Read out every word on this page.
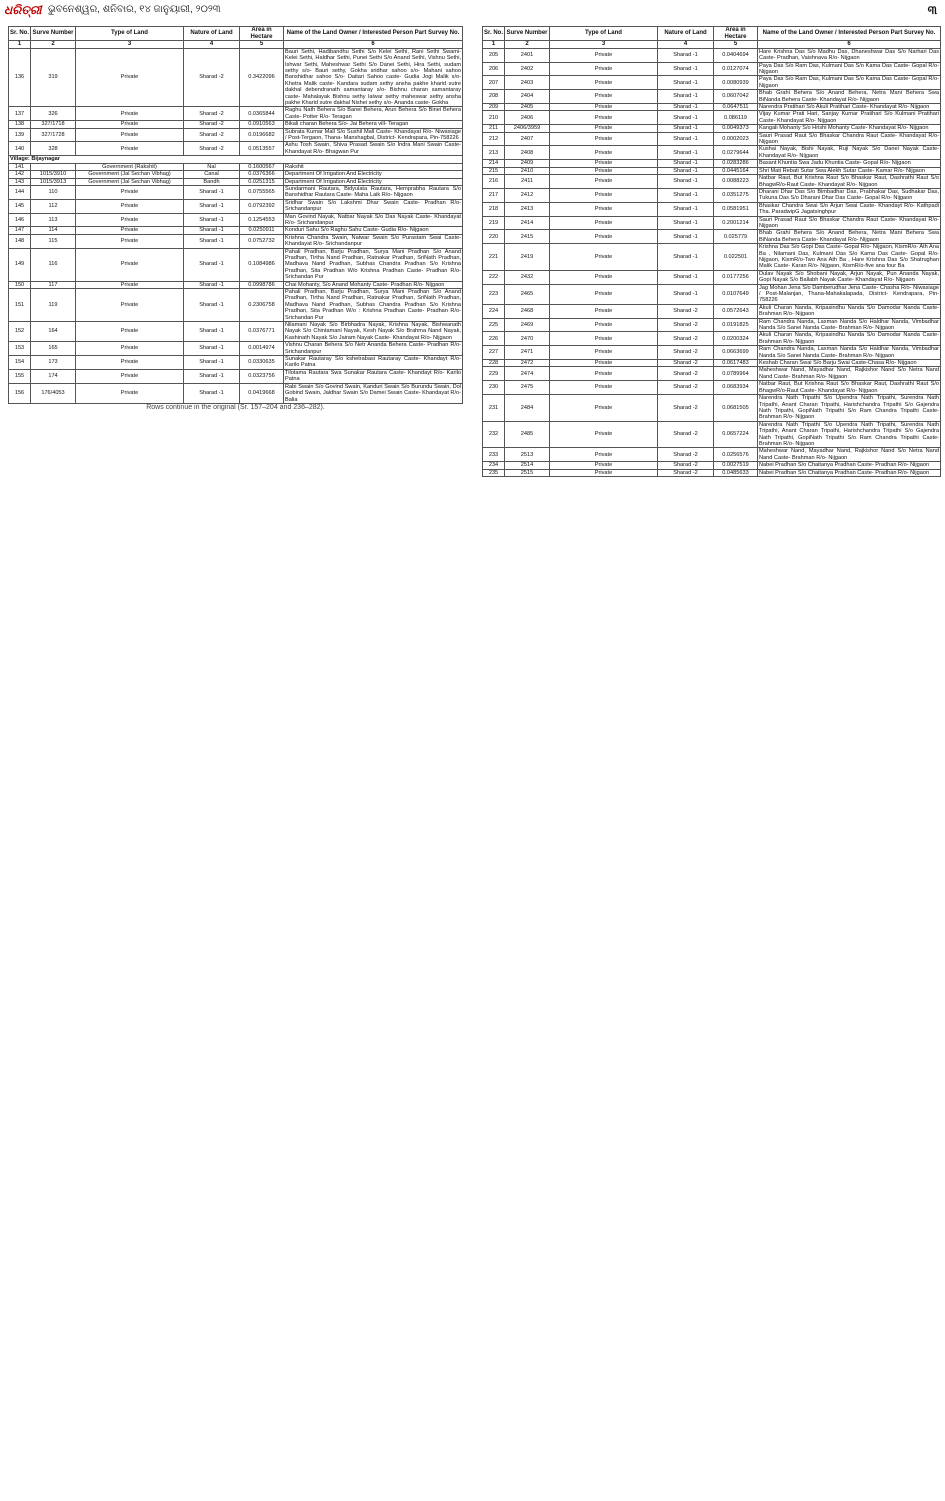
ଧରିତ୍ରୀ ଭୁବନେଶ୍ୱର, ଶନିବାର, ୧୪ ଜାନୁୟାରୀ, ୨୦୨୩	୩
Sr. No.	Surve Number	Type of Land	Nature of Land	Area in Hectare	Name of the Land Owner / Interested Person Part Survey No.
1	2	3	4	5	6
136	319	Private	Sharad -2	0.3422096	Bauri Sethi, Hadibandhu Sethi S/o Kelei Sethi, Rani Sethi Swami- Kelei Sethi, Haldhar Sethi, Punei Sethi S/o Anand Sethi, Vishnu Sethi, Ishwar Sethi, Maheshwar Sethi S/o Danei Sethi, Hira Sethi, sudam sethy s/o- Bauri sethy, Gokha sridhar sahoo s/o- Mahani sahoo Banshidhar sahoo S/o- Daitari Sahoo caste- Gudia Jogi Malik s/o- Khetra Malik caste- Kandara sudam sethy ansha pakhe kharid sutre dakhal debendranath samantaray s/o- Bishnu charan samantaray caste- Mahalayak Bishnu sethy lalwar sethy maheswar sethy ansha pakhe Kharid sutre dakhal Nishei sethy s/o- Ananda caste- Gokha
137	326	Private	Sharad -2	0.0365844	Raghu Nath Behera S/o Banei Behera, Arun Behera S/o Binei Behera Caste- Potter R/o- Teragan
138	327/1718	Private	Sharad -2	0.0910563	Bikali charan Behera S/o- Jai Behera vill- Teragan
139	327/1728	Private	Sharad -2	0.0196682	Subrata Kumar Mall S/o Sushil Mall Caste- Khandayat R/o- Niwasiage / Post-Tergaon, Thana- Manshagbal, District- Kendrapara, Pin-758226
140	328	Private	Sharad -2	0.0513557	Ashu Tosh Swain, Shiva Prasad Swain S/o Indra Mani Swain Caste- Khandayat R/o- Bhagwan Pur
Village: Bijaynagar					
141		Government (Rakshit)	Nal	0.1600567	Rakshit
142	1015/3910	Government (Jal Sechan Vibhag)	Canal	0.0376366	Department Of Irrigation And Electricity
143	1015/3913	Government (Jal Sechan Vibhag)	Bandh	0.0251315	Department Of Irrigation And Electricity
144	110	Private	Sharad -1	0.0755565	Sundarmani Rautara, Bidyulata Rautara, Hemprabha Rautara S/o Banshidhar Rautara Caste- Maha Laik R/o- Nijgaon
145	112	Private	Sharad -1	0.0792392	Sridhar Swain S/o Lakshmi Dhar Swain Caste- Pradhan R/o- Srichandanpur
146	113	Private	Sharad -1	0.1254553	Man Govind Nayak, Natbar Nayak S/o Das Nayak Caste- Khandayat R/o- Srichandanpur
147	114	Private	Sharad -1	0.0250911	Konduri Sahu S/o Raghu Sahu Caste- Gudia R/o- Nijgaon
148	115	Private	Sharad -1	0.0752732	Krishna Chandra Swain, Natwar Swain S/o Purastam Swai Caste- Khandayat R/o- Srichandanpur
149	116	Private	Sharad -1	0.1084986	Pahali Pradhan, Barju Pradhan, Surya Mani Pradhan S/o Anand Pradhan, Tirtha Nand Pradhan, Ratnakar Pradhan, SriNath Pradhan, Madhava Nand Pradhan, Subhas Chandra Pradhan S/o Krishna Pradhan, Sita Pradhan W/o Krishna Pradhan Caste- Pradhan R/o- Srichandan Pur
150	117	Private	Sharad -1	0.0998786	Chai Mohanty, S/o Anand Mohanty Caste- Pradhan R/o- Nijgaon
151	119	Private	Sharad -1	0.2306758	Pahali Pradhan, Barju Pradhan, Surya Mani Pradhan S/o Anand Pradhan, Tirtha Nand Pradhan, Ratnakar Pradhan, SriNath Pradhan, Madhava Nand Pradhan, Subhas Chandra Pradhan S/o Krishna Pradhan, Sita Pradhan W/o : Krishna Pradhan Caste- Pradhan R/o- Srichandan Pur
152	164	Private	Sharad -1	0.0376771	Nilamani Nayak S/o Birbhadra Nayak, Krishna Nayak, Bishwanath Nayak S/o Chintamani Nayak, Kesh Nayak S/o Brahma Nand Nayak, Kashinath Nayak S/o Jairam Nayak Caste- Khandayat R/o- Nijgaon
153	165	Private	Sharad -1	0.0014974	Vishnu Charan Behera S/o Netr Ananda Behera Caste- Pradhan R/o- Srichandanpur
154	173	Private	Sharad -1	0.0330635	Sunakar Rautaray S/o kshetrabasi Rautaray Caste- Khandayt R/o- Karilo Patna
155	174	Private	Sharad -1	0.0323756	Tilotama Rautara Swa Sunakar Rautara Caste- Khandayt R/o- Karilo Patna
156	176/4053	Private	Sharad -1	0.0419668	Rabi Swain S/o Govind Swain, Kanduri Swain S/o Burundu Swain, Dol Gobind Swain, Jaldhar Swain S/o Damei Swain Caste- Khandayat R/o- Balia
Rows continue in the original (Sr. 157–204 and 236–282).
Sr. No.	Surve Number	Type of Land	Nature of Land	Area in Hectare	Name of the Land Owner / Interested Person Part Survey No.
1	2	3	4	5	6
205	2401	Private	Sharad -1	0.0404694	Hare Krishna Das S/o Madhu Das, Dhaneshwar Das S/o Narhari Das Caste- Pradhan, Vaishnava R/o- Nijgaon
206	2402	Private	Sharad -1	0.0127074	Paya Das S/o Ram Das, Kulmani Das S/o Kama Das Caste- Gopal R/o- Nijgaon
207	2403	Private	Sharad -1	0.0080939	Paya Das S/o Ram Das, Kulmani Das S/o Kama Das Caste- Gopal R/o- Nijgaon
208	2404	Private	Sharad -1	0.0607042	Bhab Grahi Behera S/o Anand Behera, Netra Mani Behera Swa BiNanda Behera Caste- Khandayat R/o- Nijgaon
209	2405	Private	Sharad -1	0.0647511	Narendra Pratihari S/o Akuli Pratihari Caste- Khandayat R/o- Nijgaon
210	2406	Private	Sharad -1	0.086119	Vijay Kumar Prati Hari, Sanjay Kumar Pratihari S/o Kulmani Pratihari Caste- Khandayat R/o- Nijgaon
211	2406/3959	Private	Sharad -1	0.0049373	Kangali Mohanty S/o Hrishi Mohanty Caste- Khandayat R/o- Nijgaon
212	2407	Private	Sharad -1	0.0002023	Sauri Prasad Raut S/o Bhaskar Chandra Raut Caste- Khandayat R/o- Nijgaon
213	2408	Private	Sharad -1	0.0279644	Kushai Nayak, Bishi Nayak, Ruji Nayak S/o Danei Nayak Caste- Khandayat R/o- Nijgaon
214	2409	Private	Sharad -1	0.0283286	Basant Khuntia Swa Jadu Khuntia Caste- Gopal R/o- Nijgaon
215	2410	Private	Sharad -1	0.0445164	Shri Mati Rebati Sutar Swa Alekh Sutar Caste- Kamar R/o- Nijgaon
216	2411	Private	Sharad -1	0.0088223	Natbar Raut, But Krishna Raut S/o Bhaskar Raut, Dashrathi Raut S/o BhagwR/o-Raut Caste- Khandayat R/o- Nijgaon
217	2412	Private	Sharad -1	0.0351275	Dharani Dhar Das S/o Bimbadhar Das, Prabhakar Das, Sudhakar Das, Tukuna Das S/o Dharani Dhar Das Caste- Gopal R/o- Nijgaon
218	2413	Private	Sharad -1	0.0581951	Bhaskar Chandra Swai S/o Arjun Swai Caste- Khandayt R/o- Kathpadi Tha. ParadwipG Jagatsinghpur
219	2414	Private	Sharad -1	0.2001214	Sauri Prasad Raut S/o Bhaskar Chandra Raut Caste- Khandayat R/o- Nijgaon
220	2415	Private	Sharad -1	0.025779	Bhab Grahi Behera S/o Anand Behera, Netra Mani Behera Swa BiNanda Behera Caste- Khandayat R/o- Nijgaon
221	2419	Private	Sharad -1	0.022501	Krishna Das S/o Gopi Das Caste- Gopal R/o- Nijgaon, KismR/o- Ath Ana Ba , Nilamani Das, Kulmani Das S/o Kama Das Caste- Gopal R/o- Nijgaon, KismR/o-Two Ana Ath Ba , Hare Krishna Das S/o Shatrughan Malik Caste- Karan R/o- Nijgaon, KismR/o-five ana four Ba
222	2432	Private	Sharad -1	0.0177256	Dulav Nayak S/o Shobani Nayak, Arjun Nayak, Pun Ananda Nayak, Gopi Nayak S/o Ballabh Nayak Caste- Khandayat R/o- Nijgaon
223	2465	Private	Sharad -1	0.0107649	Jag Mohan Jena S/o Damberudhar Jena Caste- Chasha R/o- Niwasiage / Post-Malanjan, Thana-Mahakalapada, District- Kendrapara, Pin-758226
224	2468	Private	Sharad -2	0.0572643	Akuli Charan Nanda, Kripasindhu Nanda S/o Damodar Nanda Caste- Brahman R/o- Nijgaon
225	2469	Private	Sharad -2	0.0191825	Ram Chandra Nanda, Laxman Nanda S/o Haldhar Nanda, Vimbadhar Nanda S/o Sanei Nanda Caste- Brahman R/o- Nijgaon
226	2470	Private	Sharad -2	0.0200324	Akuli Charan Nanda, Kripasindhu Nanda S/o Damodar Nanda Caste- Brahman R/o- Nijgaon
227	2471	Private	Sharad -2	0.0663699	Ram Chandra Nanda, Laxman Nanda S/o Haldhar Nanda, Vimbadhar Nanda S/o Sanei Nanda Caste- Brahman R/o- Nijgaon
228	2472	Private	Sharad -2	0.0617483	Keshab Charan Swai S/o Barju Swai Caste-Chasa R/o- Nijgaon
229	2474	Private	Sharad -2	0.0789964	Maheshwar Nand, Mayadhar Nand, Rajkishor Nand S/o Netra Nand Nand Caste- Brahman R/o- Nijgaon
230	2475	Private	Sharad -2	0.0683934	Natbar Raut, But Krishna Raut S/o Bhaskar Raut, Dashrathi Raut S/o BhagwR/o-Raut Caste- Khandayat R/o- Nijgaon
231	2484	Private	Sharad -2	0.0681505	Narendra Nath Tripathi S/o Upendra Nath Tripathi, Surendra Nath Tripathi, Anant Charan Tripathi, Harishchandra Tripathi S/o Gajendra Nath Tripathi, GopiNath Tripathi S/o Ram Chandra Tripathi Caste- Brahman R/o- Nijgaon
232	2485	Private	Sharad -2	0.0657224	Narendra Nath Tripathi S/o Upendra Nath Tripathi, Surendra Nath Tripathi, Anant Charan Tripathi, Harishchandra Tripathi S/o Gajendra Nath Tripathi, GopiNath Tripathi S/o Ram Chandra Tripathi Caste- Brahman R/o- Nijgaon
233	2513	Private	Sharad -2	0.0256576	Maheshwar Nand, Mayadhar Nand, Rajkishor Nand S/o Netra Nand Nand Caste- Brahman R/o- Nijgaon
234	2514	Private	Sharad -2	0.0027519	Nabei Pradhan S/o Chaitanya Pradhan Caste- Pradhan R/o- Nijgaon
235	2515	Private	Sharad -2	0.0485633	Nabei Pradhan S/o Chaitanya Pradhan Caste- Pradhan R/o- Nijgaon
